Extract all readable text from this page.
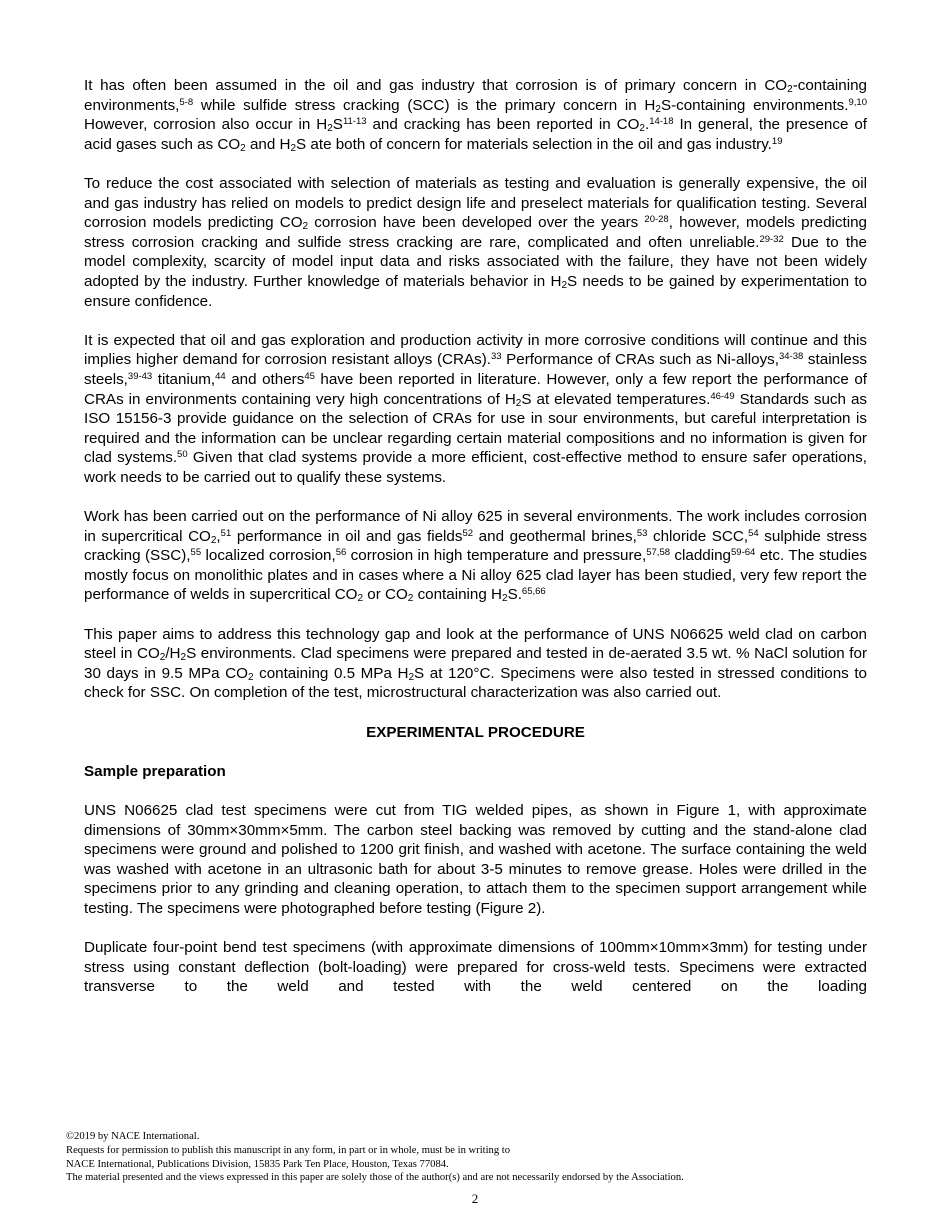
It has often been assumed in the oil and gas industry that corrosion is of primary concern in $CO_2$-containing environments,$^{5-8}$ while sulfide stress cracking (SCC) is the primary concern in $H_2S$-containing environments.$^{9,10}$ However, corrosion also occur in $H_2S^{11-13}$ and cracking has been reported in $CO_2.^{14-18}$ In general, the presence of acid gases such as $CO_2$ and $H_2S$ ate both of concern for materials selection in the oil and gas industry.$^{19}$

To reduce the cost associated with selection of materials as testing and evaluation is generally expensive, the oil and gas industry has relied on models to predict design life and preselect materials for qualification testing. Several corrosion models predicting $CO_2$ corrosion have been developed over the years $^{20-28}$, however, models predicting stress corrosion cracking and sulfide stress cracking are rare, complicated and often unreliable.$^{29-32}$ Due to the model complexity, scarcity of model input data and risks associated with the failure, they have not been widely adopted by the industry. Further knowledge of materials behavior in $H_2S$ needs to be gained by experimentation to ensure confidence.

It is expected that oil and gas exploration and production activity in more corrosive conditions will continue and this implies higher demand for corrosion resistant alloys (CRAs).$^{33}$ Performance of CRAs such as Ni-alloys,$^{34-38}$ stainless steels,$^{39-43}$ titanium,$^{44}$ and others$^{45}$ have been reported in literature. However, only a few report the performance of CRAs in environments containing very high concentrations of $H_2S$ at elevated temperatures.$^{46-49}$ Standards such as ISO 15156-3 provide guidance on the selection of CRAs for use in sour environments, but careful interpretation is required and the information can be unclear regarding certain material compositions and no information is given for clad systems.$^{50}$ Given that clad systems provide a more efficient, cost-effective method to ensure safer operations, work needs to be carried out to qualify these systems.

Work has been carried out on the performance of Ni alloy 625 in several environments. The work includes corrosion in supercritical $CO_2,^{51}$ performance in oil and gas fields$^{52}$ and geothermal brines,$^{53}$ chloride SCC,$^{54}$ sulphide stress cracking (SSC),$^{55}$ localized corrosion,$^{56}$ corrosion in high temperature and pressure,$^{57,58}$ cladding$^{59-64}$ etc. The studies mostly focus on monolithic plates and in cases where a Ni alloy 625 clad layer has been studied, very few report the performance of welds in supercritical $CO_2$ or $CO_2$ containing $H_2S.^{65,66}$

This paper aims to address this technology gap and look at the performance of UNS N06625 weld clad on carbon steel in $CO_2/H_2S$ environments. Clad specimens were prepared and tested in de-aerated 3.5 wt. % NaCl solution for 30 days in 9.5 MPa $CO_2$ containing 0.5 MPa $H_2S$ at 120°C. Specimens were also tested in stressed conditions to check for SSC. On completion of the test, microstructural characterization was also carried out.

EXPERIMENTAL PROCEDURE
Sample preparation

UNS N06625 clad test specimens were cut from TIG welded pipes, as shown in Figure 1, with approximate dimensions of 30mm×30mm×5mm. The carbon steel backing was removed by cutting and the stand-alone clad specimens were ground and polished to 1200 grit finish, and washed with acetone. The surface containing the weld was washed with acetone in an ultrasonic bath for about 3-5 minutes to remove grease. Holes were drilled in the specimens prior to any grinding and cleaning operation, to attach them to the specimen support arrangement while testing. The specimens were photographed before testing (Figure 2).

Duplicate four-point bend test specimens (with approximate dimensions of 100mm×10mm×3mm) for testing under stress using constant deflection (bolt-loading) were prepared for cross-weld tests. Specimens were extracted transverse to the weld and tested with the weld centered on the loading

©2019 by NACE International.
Requests for permission to publish this manuscript in any form, in part or in whole, must be in writing to
NACE International, Publications Division, 15835 Park Ten Place, Houston, Texas 77084.
The material presented and the views expressed in this paper are solely those of the author(s) and are not necessarily endorsed by the Association.
2
